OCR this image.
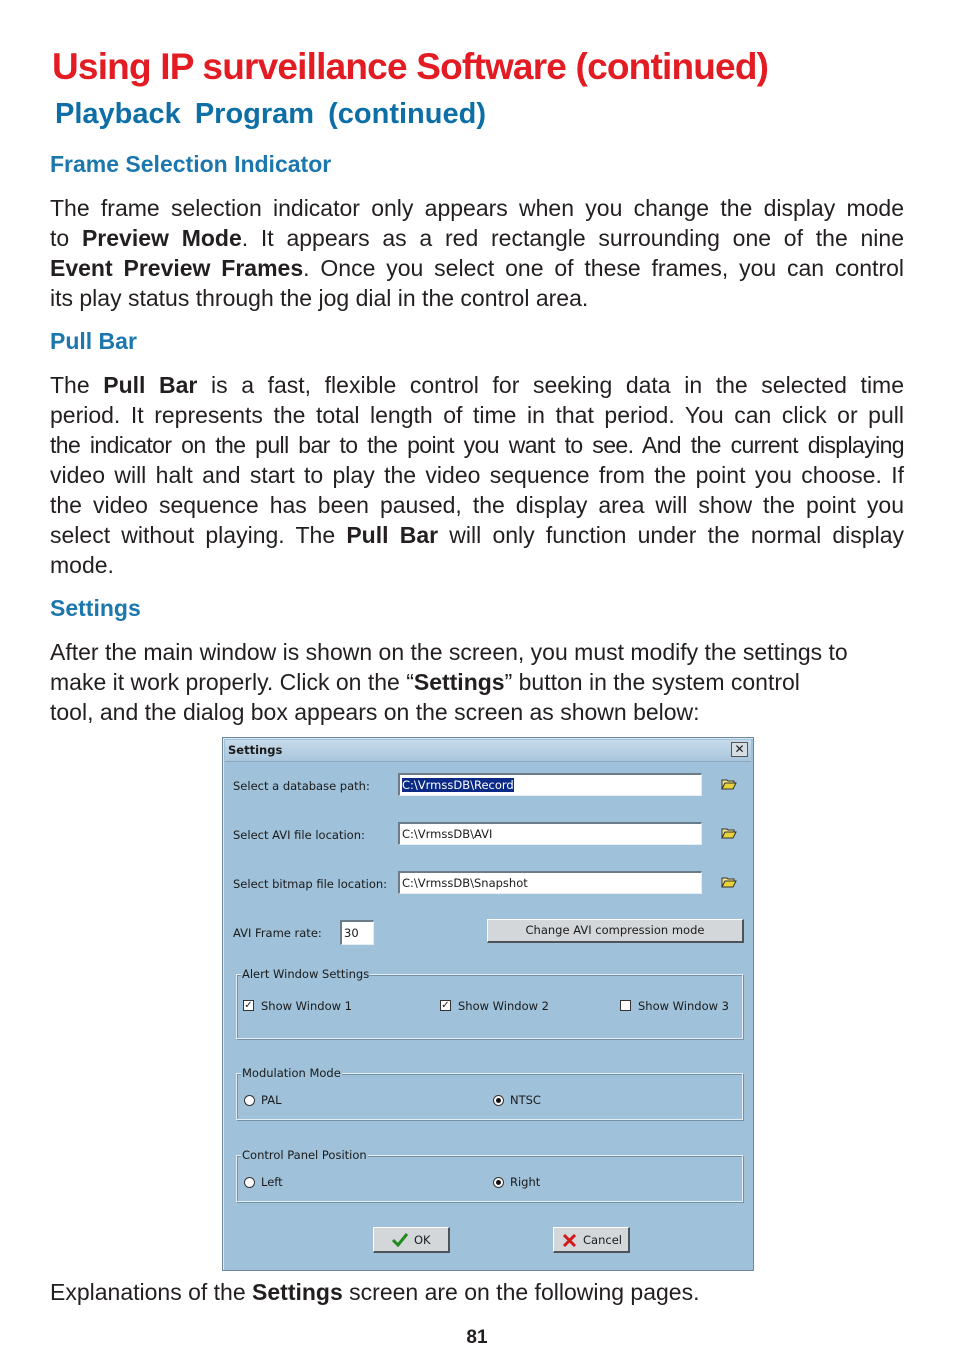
Using IP surveillance Software (continued)
Playback Program (continued)
Frame Selection Indicator
The frame selection indicator only appears when you change the display mode
to Preview Mode. It appears as a red rectangle surrounding one of the nine
Event Preview Frames. Once you select one of these frames, you can control
its play status through the jog dial in the control area.
Pull Bar
The Pull Bar is a fast, flexible control for seeking data in the selected time
period. It represents the total length of time in that period. You can click or pull
the indicator on the pull bar to the point you want to see. And the current displaying
video will halt and start to play the video sequence from the point you choose. If
the video sequence has been paused, the display area will show the point you
select without playing. The Pull Bar will only function under the normal display
mode.
Settings
After the main window is shown on the screen, you must modify the settings to
make it work properly. Click on the “Settings” button in the system control
tool, and the dialog box appears on the screen as shown below:
Settings	✕
Select a database path:	C:\VrmssDB\Record
Select AVI file location:	C:\VrmssDB\AVI
Select bitmap file location:	C:\VrmssDB\Snapshot
AVI Frame rate:	30	Change AVI compression mode
Alert Window Settings
✓ Show Window 1	✓ Show Window 2	Show Window 3
Modulation Mode
PAL	NTSC
Control Panel Position
Left	Right
OK	Cancel
Explanations of the Settings screen are on the following pages.
81
